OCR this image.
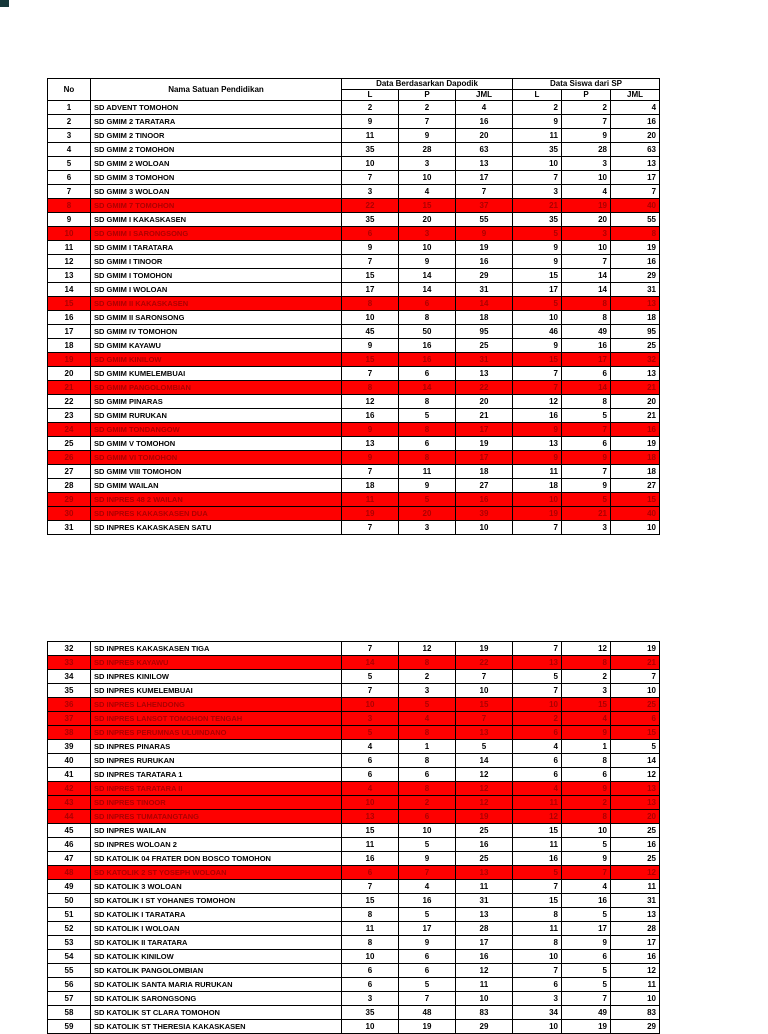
No	Nama Satuan Pendidikan	Data Berdasarkan Dapodik			Data Siswa dari SP		
		L	P	JML	L	P	JML
1	SD ADVENT TOMOHON	2	2	4	2	2	4
2	SD GMIM 2 TARATARA	9	7	16	9	7	16
3	SD GMIM 2 TINOOR	11	9	20	11	9	20
4	SD GMIM 2 TOMOHON	35	28	63	35	28	63
5	SD GMIM 2 WOLOAN	10	3	13	10	3	13
6	SD GMIM 3 TOMOHON	7	10	17	7	10	17
7	SD GMIM 3 WOLOAN	3	4	7	3	4	7
8	SD GMIM 7 TOMOHON	22	15	37	21	19	40
9	SD GMIM I KAKASKASEN	35	20	55	35	20	55
10	SD GMIM I SARONGSONG	6	3	9	5	3	8
11	SD GMIM I TARATARA	9	10	19	9	10	19
12	SD GMIM I TINOOR	7	9	16	9	7	16
13	SD GMIM I TOMOHON	15	14	29	15	14	29
14	SD GMIM I WOLOAN	17	14	31	17	14	31
15	SD GMIM II KAKASKASEN	8	6	14	5	8	13
16	SD GMIM II SARONSONG	10	8	18	10	8	18
17	SD GMIM IV TOMOHON	45	50	95	46	49	95
18	SD GMIM KAYAWU	9	16	25	9	16	25
19	SD GMIM KINILOW	15	16	31	15	17	32
20	SD GMIM KUMELEMBUAI	7	6	13	7	6	13
21	SD GMIM PANGOLOMBIAN	8	14	22	7	14	21
22	SD GMIM PINARAS	12	8	20	12	8	20
23	SD GMIM RURUKAN	16	5	21	16	5	21
24	SD GMIM TONDANGOW	9	8	17	9	7	16
25	SD GMIM V TOMOHON	13	6	19	13	6	19
26	SD GMIM VI TOMOHON	9	8	17	9	9	18
27	SD GMIM VIII TOMOHON	7	11	18	11	7	18
28	SD GMIM WAILAN	18	9	27	18	9	27
29	SD INPRES 48 2 WAILAN	11	5	16	10	5	15
30	SD INPRES KAKASKASEN DUA	19	20	39	19	21	40
31	SD INPRES KAKASKASEN SATU	7	3	10	7	3	10
32	SD INPRES KAKASKASEN TIGA	7	12	19	7	12	19
33	SD INPRES KAYAWU	14	8	22	13	8	21
34	SD INPRES KINILOW	5	2	7	5	2	7
35	SD INPRES KUMELEMBUAI	7	3	10	7	3	10
36	SD INPRES LAHENDONG	10	5	15	10	15	25
37	SD INPRES LANSOT TOMOHON TENGAH	3	4	7	2	4	6
38	SD INPRES PERUMNAS ULUINDANO	5	8	13	6	9	15
39	SD INPRES PINARAS	4	1	5	4	1	5
40	SD INPRES RURUKAN	6	8	14	6	8	14
41	SD INPRES TARATARA 1	6	6	12	6	6	12
42	SD INPRES TARATARA II	4	8	12	4	9	13
43	SD INPRES TINOOR	10	2	12	11	2	13
44	SD INPRES TUMATANGTANG	13	6	19	12	8	20
45	SD INPRES WAILAN	15	10	25	15	10	25
46	SD INPRES WOLOAN 2	11	5	16	11	5	16
47	SD KATOLIK 04 FRATER DON BOSCO TOMOHON	16	9	25	16	9	25
48	SD KATOLIK 2 ST YOSEPH WOLOAN	6	7	13	5	7	12
49	SD KATOLIK 3 WOLOAN	7	4	11	7	4	11
50	SD KATOLIK I ST YOHANES TOMOHON	15	16	31	15	16	31
51	SD KATOLIK I TARATARA	8	5	13	8	5	13
52	SD KATOLIK I WOLOAN	11	17	28	11	17	28
53	SD KATOLIK II TARATARA	8	9	17	8	9	17
54	SD KATOLIK KINILOW	10	6	16	10	6	16
55	SD KATOLIK PANGOLOMBIAN	6	6	12	7	5	12
56	SD KATOLIK SANTA MARIA RURUKAN	6	5	11	6	5	11
57	SD KATOLIK SARONGSONG	3	7	10	3	7	10
58	SD KATOLIK ST CLARA TOMOHON	35	48	83	34	49	83
59	SD KATOLIK ST THERESIA KAKASKASEN	10	19	29	10	19	29
